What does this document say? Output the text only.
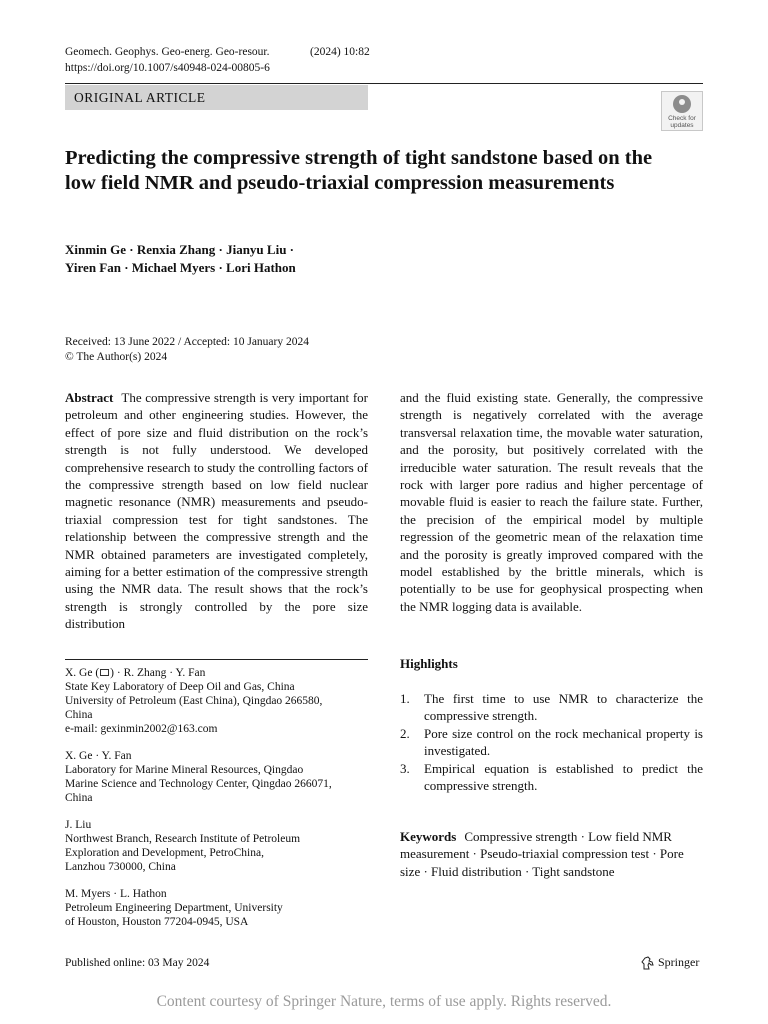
Geomech. Geophys. Geo-energ. Geo-resour.	(2024) 10:82
https://doi.org/10.1007/s40948-024-00805-6
ORIGINAL ARTICLE
Check for
updates
Predicting the compressive strength of tight sandstone based on the low field NMR and pseudo-triaxial compression measurements
Xinmin Ge · Renxia Zhang · Jianyu Liu ·
Yiren Fan · Michael Myers · Lori Hathon
Received: 13 June 2022 / Accepted: 10 January 2024
© The Author(s) 2024
Abstract The compressive strength is very important for petroleum and other engineering studies. However, the effect of pore size and fluid distribution on the rock’s strength is not fully understood. We developed comprehensive research to study the controlling factors of the compressive strength based on low field nuclear magnetic resonance (NMR) measurements and pseudo-triaxial compression test for tight sandstones. The relationship between the compressive strength and the NMR obtained parameters are investigated completely, aiming for a better estimation of the compressive strength using the NMR data. The result shows that the rock’s strength is strongly controlled by the pore size distribution
and the fluid existing state. Generally, the compressive strength is negatively correlated with the average transversal relaxation time, the movable water saturation, and the porosity, but positively correlated with the irreducible water saturation. The result reveals that the rock with larger pore radius and higher percentage of movable fluid is easier to reach the failure state. Further, the precision of the empirical model by multiple regression of the geometric mean of the relaxation time and the porosity is greatly improved compared with the model established by the brittle minerals, which is potentially to be use for geophysical prospecting when the NMR logging data is available.
X. Ge ( ) · R. Zhang · Y. Fan
State Key Laboratory of Deep Oil and Gas, China
University of Petroleum (East China), Qingdao 266580,
China
e-mail: gexinmin2002@163.com
X. Ge · Y. Fan
Laboratory for Marine Mineral Resources, Qingdao
Marine Science and Technology Center, Qingdao 266071,
China
J. Liu
Northwest Branch, Research Institute of Petroleum
Exploration and Development, PetroChina,
Lanzhou 730000, China
M. Myers · L. Hathon
Petroleum Engineering Department, University
of Houston, Houston 77204-0945, USA
Highlights
1. The first time to use NMR to characterize the compressive strength.
2. Pore size control on the rock mechanical property is investigated.
3. Empirical equation is established to predict the compressive strength.
Keywords Compressive strength · Low field NMR measurement · Pseudo-triaxial compression test · Pore size · Fluid distribution · Tight sandstone
Published online: 03 May 2024	Springer
Content courtesy of Springer Nature, terms of use apply. Rights reserved.
